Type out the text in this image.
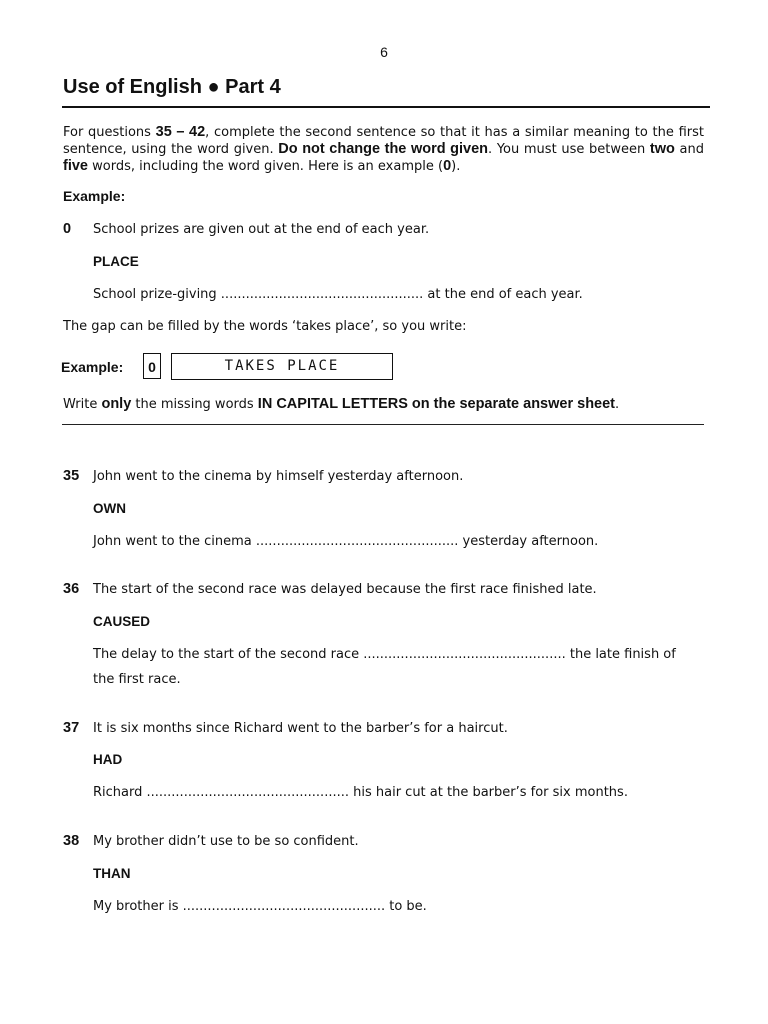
6
Use of English ● Part 4
For questions 35 – 42, complete the second sentence so that it has a similar meaning to the first sentence, using the word given. Do not change the word given. You must use between two and five words, including the word given. Here is an example (0).
Example:
0 School prizes are given out at the end of each year.
PLACE
School prize-giving ................................................. at the end of each year.
The gap can be filled by the words ‘takes place’, so you write:
Example:	0	TAKES PLACE
Write only the missing words IN CAPITAL LETTERS on the separate answer sheet.
35 John went to the cinema by himself yesterday afternoon.
OWN
John went to the cinema ................................................. yesterday afternoon.
36 The start of the second race was delayed because the first race finished late.
CAUSED
The delay to the start of the second race ................................................. the late finish of
the first race.
37 It is six months since Richard went to the barber’s for a haircut.
HAD
Richard ................................................. his hair cut at the barber’s for six months.
38 My brother didn’t use to be so confident.
THAN
My brother is ................................................. to be.
